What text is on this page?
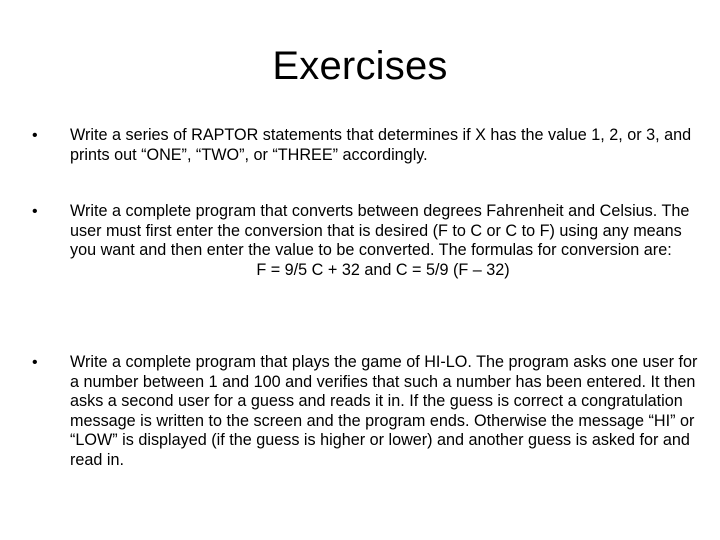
Exercises
•	Write a series of RAPTOR statements that determines if X has the value 1, 2, or 3, and prints out “ONE”, “TWO”, or “THREE” accordingly.

•	Write a complete program that converts between degrees Fahrenheit and Celsius. The user must first enter the conversion that is desired (F to C or C to F) using any means you want and then enter the value to be converted. The formulas for conversion are:

F = 9/5 C + 32 and C = 5/9 (F – 32)

•	Write a complete program that plays the game of HI-LO. The program asks one user for a number between 1 and 100 and verifies that such a number has been entered. It then asks a second user for a guess and reads it in. If the guess is correct a congratulation message is written to the screen and the program ends. Otherwise the message “HI” or “LOW” is displayed (if the guess is higher or lower) and another guess is asked for and read in.
